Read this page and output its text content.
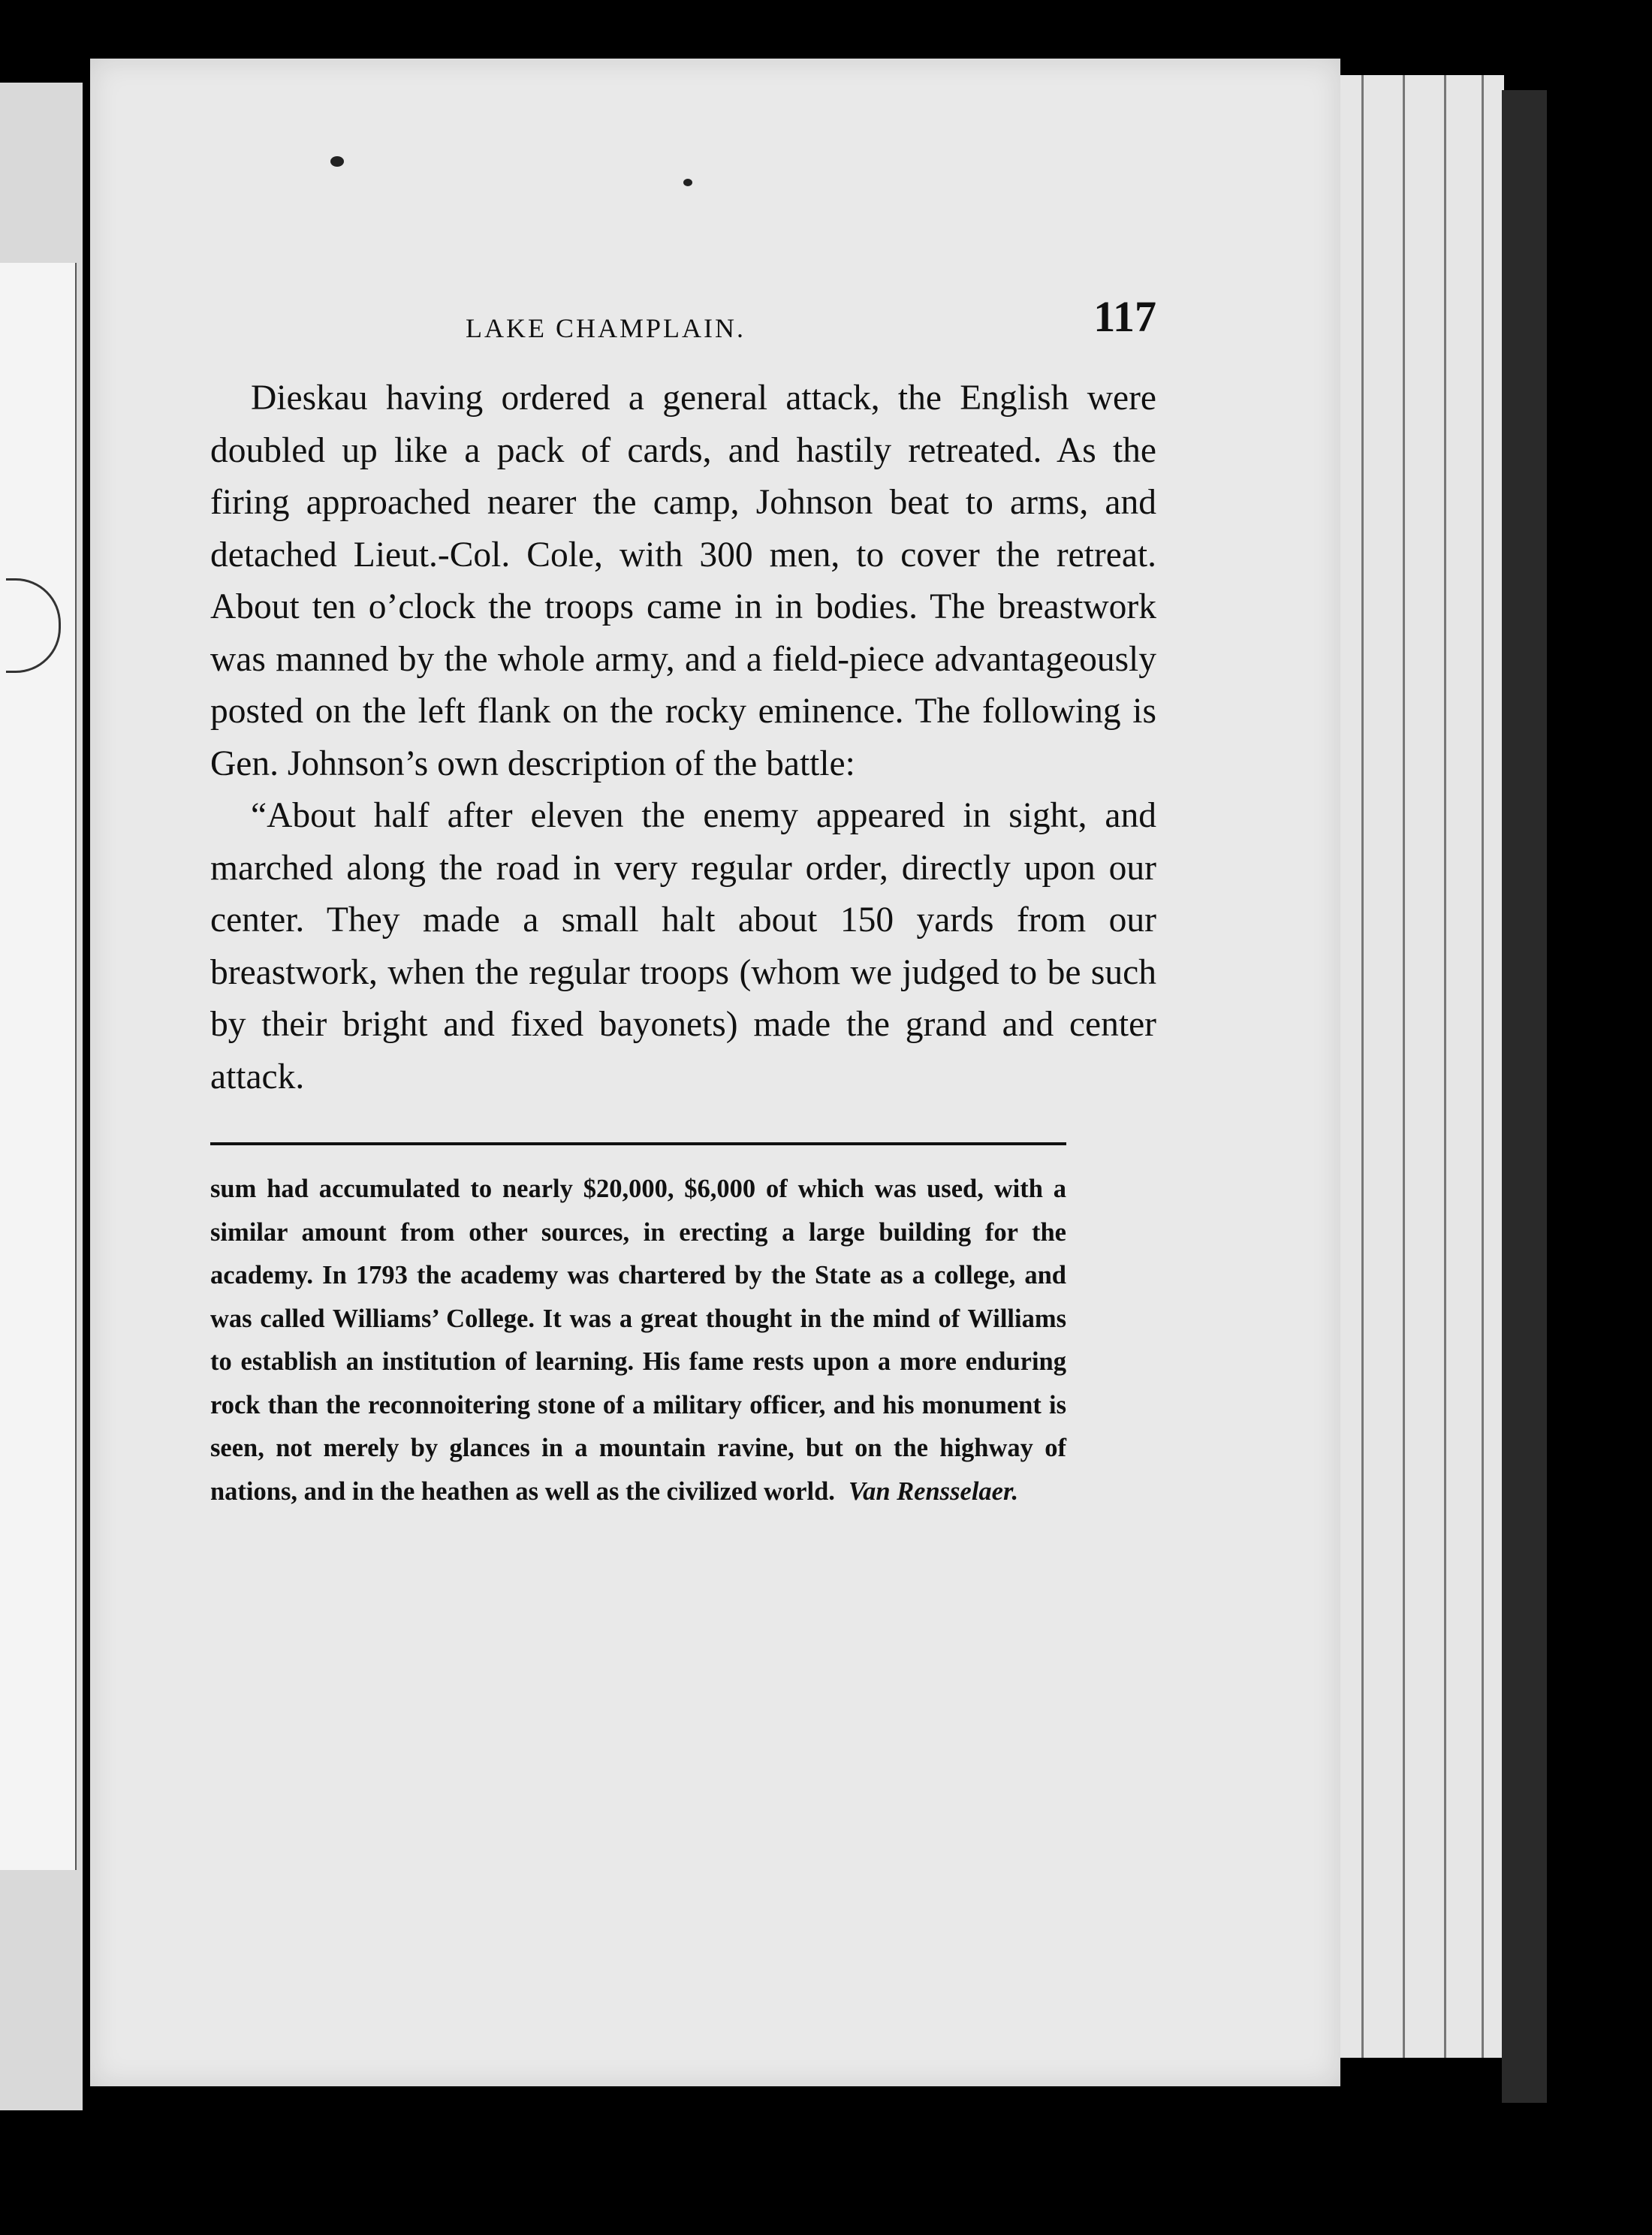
LAKE CHAMPLAIN.	117

Dieskau having ordered a general attack, the English were doubled up like a pack of cards, and hastily retreated. As the firing approached nearer the camp, Johnson beat to arms, and detached Lieut.-Col. Cole, with 300 men, to cover the retreat. About ten o’clock the troops came in in bodies. The breastwork was manned by the whole army, and a field-piece advantageously posted on the left flank on the rocky eminence. The following is Gen. Johnson’s own description of the battle:

“About half after eleven the enemy appeared in sight, and marched along the road in very regular order, directly upon our center. They made a small halt about 150 yards from our breastwork, when the regular troops (whom we judged to be such by their bright and fixed bayonets) made the grand and center attack.

sum had accumulated to nearly $20,000, $6,000 of which was used, with a similar amount from other sources, in erecting a large building for the academy. In 1793 the academy was chartered by the State as a college, and was called Williams’ College. It was a great thought in the mind of Williams to establish an institution of learning. His fame rests upon a more enduring rock than the reconnoitering stone of a military officer, and his monument is seen, not merely by glances in a mountain ravine, but on the highway of nations, and in the heathen as well as the civilized world. Van Rensselaer.
